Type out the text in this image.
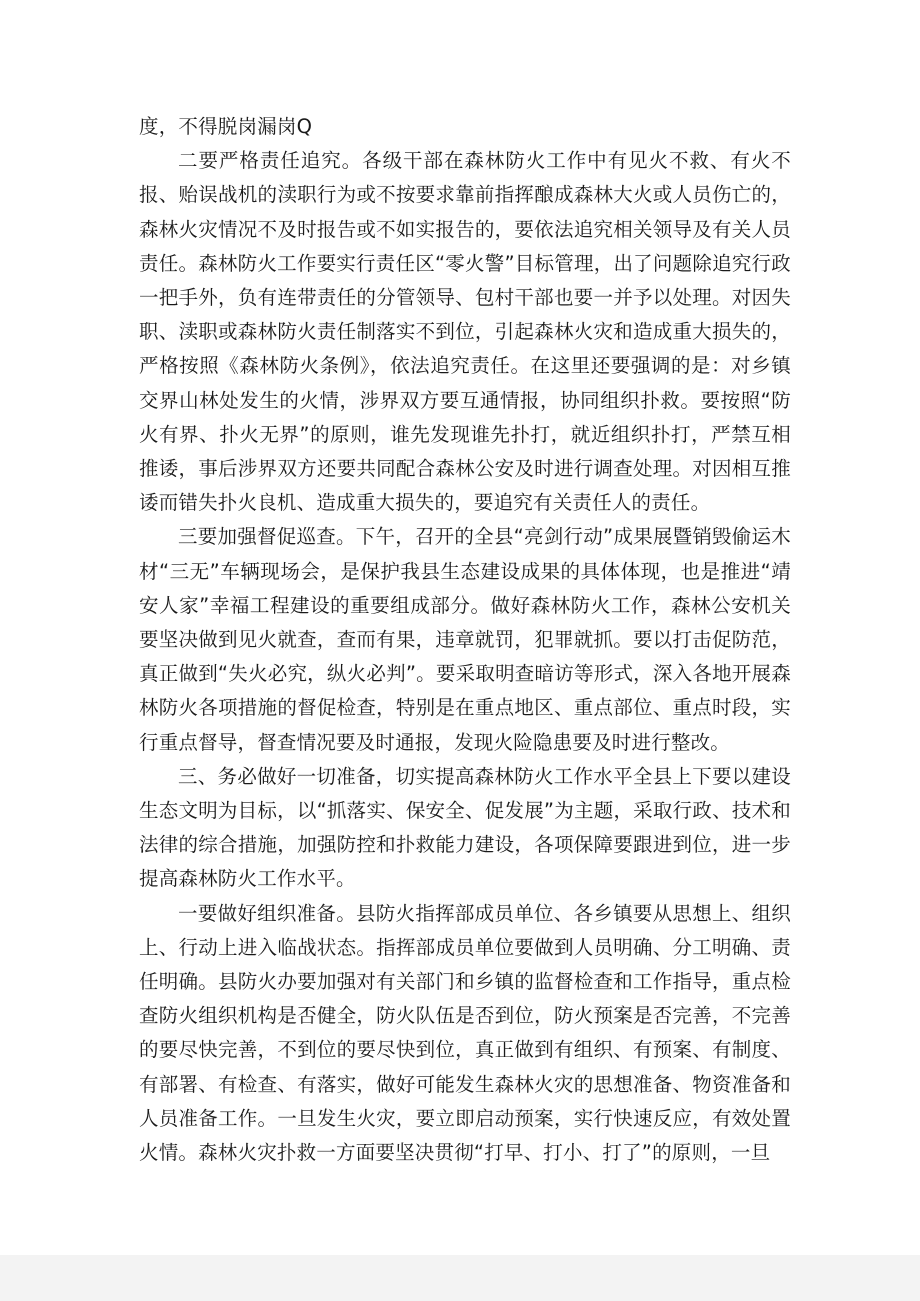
度，不得脱岗漏岗Q

二要严格责任追究。各级干部在森林防火工作中有见火不救、有火不报、贻误战机的渎职行为或不按要求靠前指挥酿成森林大火或人员伤亡的，森林火灾情况不及时报告或不如实报告的，要依法追究相关领导及有关人员责任。森林防火工作要实行责任区“零火警”目标管理，出了问题除追究行政一把手外，负有连带责任的分管领导、包村干部也要一并予以处理。对因失职、渎职或森林防火责任制落实不到位，引起森林火灾和造成重大损失的，严格按照《森林防火条例》，依法追究责任。在这里还要强调的是：对乡镇交界山林处发生的火情，涉界双方要互通情报，协同组织扑救。要按照“防火有界、扑火无界”的原则，谁先发现谁先扑打，就近组织扑打，严禁互相推诿，事后涉界双方还要共同配合森林公安及时进行调查处理。对因相互推诿而错失扑火良机、造成重大损失的，要追究有关责任人的责任。

三要加强督促巡查。下午，召开的全县“亮剑行动”成果展暨销毁偷运木材“三无”车辆现场会，是保护我县生态建设成果的具体体现，也是推进“靖安人家”幸福工程建设的重要组成部分。做好森林防火工作，森林公安机关要坚决做到见火就查，查而有果，违章就罚，犯罪就抓。要以打击促防范，真正做到“失火必究，纵火必判”。要采取明查暗访等形式，深入各地开展森林防火各项措施的督促检查，特别是在重点地区、重点部位、重点时段，实行重点督导，督查情况要及时通报，发现火险隐患要及时进行整改。

三、务必做好一切准备，切实提高森林防火工作水平全县上下要以建设生态文明为目标，以“抓落实、保安全、促发展”为主题，采取行政、技术和法律的综合措施，加强防控和扑救能力建设，各项保障要跟进到位，进一步提高森林防火工作水平。

一要做好组织准备。县防火指挥部成员单位、各乡镇要从思想上、组织上、行动上进入临战状态。指挥部成员单位要做到人员明确、分工明确、责任明确。县防火办要加强对有关部门和乡镇的监督检查和工作指导，重点检查防火组织机构是否健全，防火队伍是否到位，防火预案是否完善，不完善的要尽快完善，不到位的要尽快到位，真正做到有组织、有预案、有制度、有部署、有检查、有落实，做好可能发生森林火灾的思想准备、物资准备和人员准备工作。一旦发生火灾，要立即启动预案，实行快速反应，有效处置火情。森林火灾扑救一方面要坚决贯彻“打早、打小、打了”的原则，一旦
